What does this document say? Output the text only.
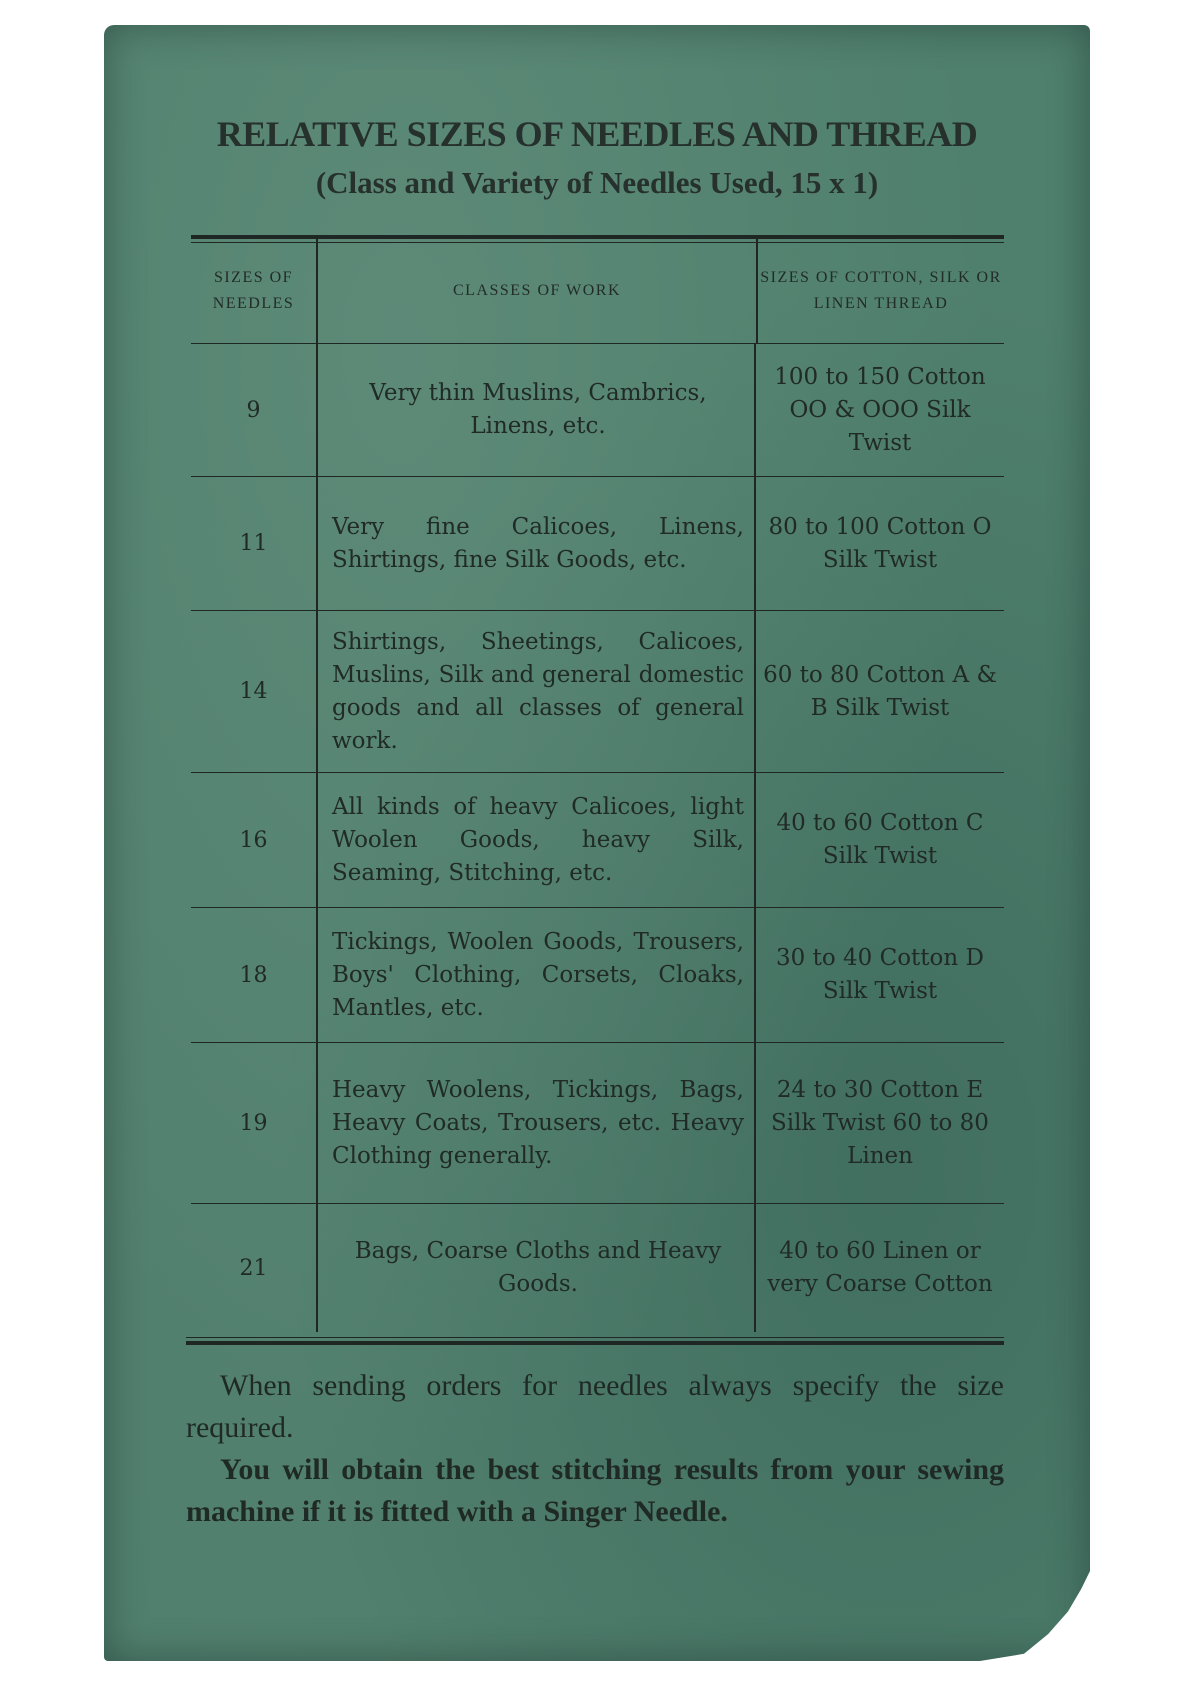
RELATIVE SIZES OF NEEDLES AND THREAD
(Class and Variety of Needles Used, 15 x 1)
SIZES OF NEEDLES
CLASSES OF WORK
SIZES OF COTTON, SILK OR LINEN THREAD
9
Very thin Muslins, Cambrics, Linens, etc.
100 to 150 Cotton OO & OOO Silk Twist
11
Very fine Calicoes, Linens, Shirtings, fine Silk Goods, etc.
80 to 100 Cotton O Silk Twist
14
Shirtings, Sheetings, Calicoes, Muslins, Silk and general domestic goods and all classes of general work.
60 to 80 Cotton A & B Silk Twist
16
All kinds of heavy Calicoes, light Woolen Goods, heavy Silk, Seaming, Stitching, etc.
40 to 60 Cotton C Silk Twist
18
Tickings, Woolen Goods, Trousers, Boys' Clothing, Corsets, Cloaks, Mantles, etc.
30 to 40 Cotton D Silk Twist
19
Heavy Woolens, Tickings, Bags, Heavy Coats, Trousers, etc. Heavy Clothing generally.
24 to 30 Cotton E Silk Twist 60 to 80 Linen
21
Bags, Coarse Cloths and Heavy Goods.
40 to 60 Linen or very Coarse Cotton
When sending orders for needles always specify the size required.
You will obtain the best stitching results from your sewing machine if it is fitted with a Singer Needle.
